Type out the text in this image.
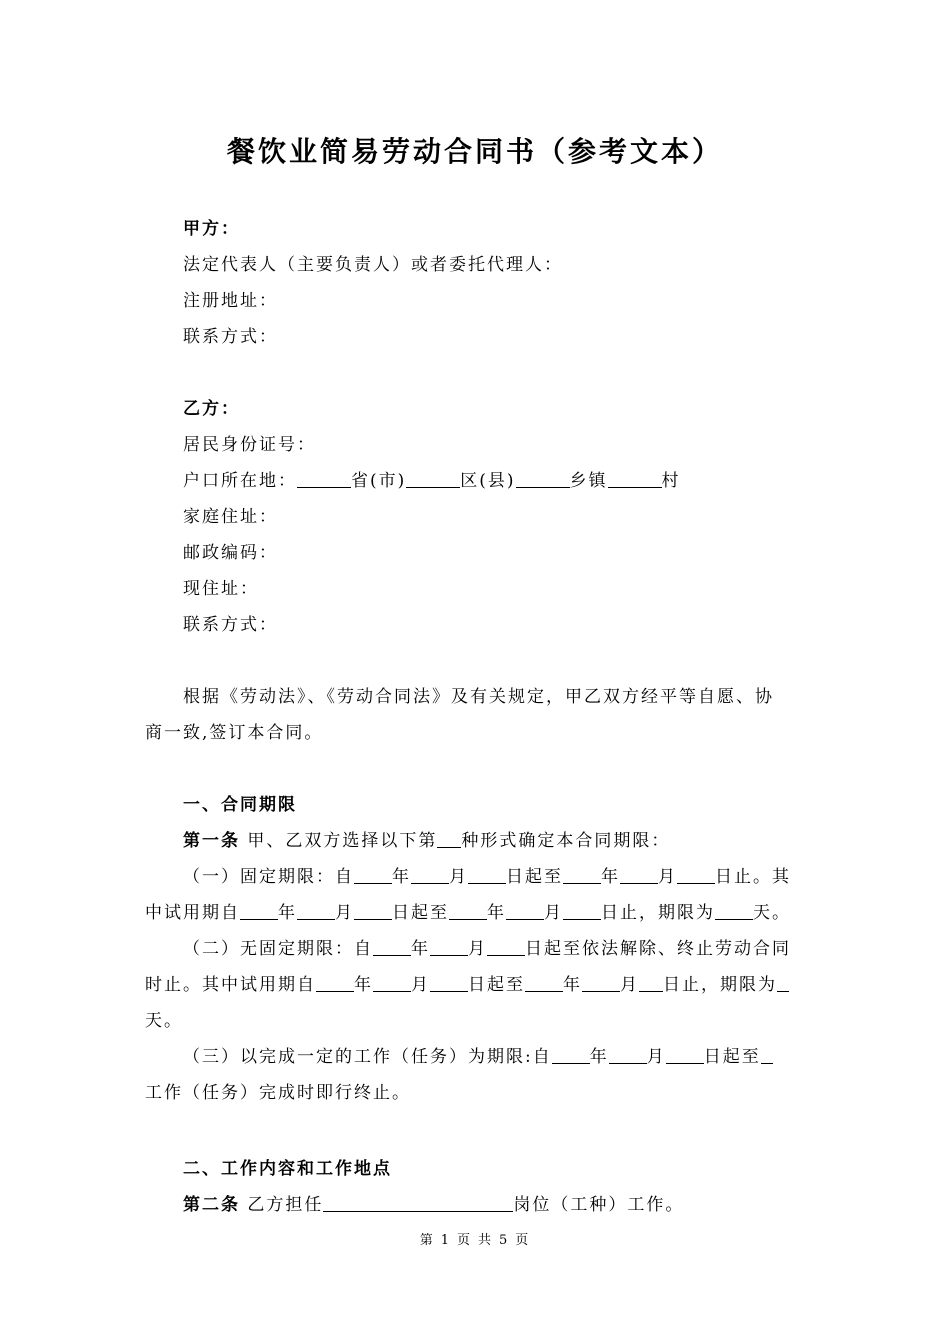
餐饮业简易劳动合同书（参考文本）
甲方：
法定代表人（主要负责人）或者委托代理人：
注册地址：
联系方式：
乙方：
居民身份证号：
户口所在地：	省(市)	区(县)	乡镇	村
家庭住址：
邮政编码：
现住址：
联系方式：
根据《劳动法》、《劳动合同法》及有关规定，甲乙双方经平等自愿、协
商一致,签订本合同。
一、合同期限
第一条 甲、乙双方选择以下第 种形式确定本合同期限：
（一）固定期限：自 年 月 日起至 年 月 日止。其
中试用期自 年 月 日起至 年 月 日止，期限为 天。
（二）无固定期限：自 年 月 日起至依法解除、终止劳动合同
时止。其中试用期自 年 月 日起至 年 月 日止，期限为
天。
（三）以完成一定的工作（任务）为期限:自 年 月 日起至
工作（任务）完成时即行终止。
二、工作内容和工作地点
第二条 乙方担任	岗位（工种）工作。
第 1 页 共 5 页
